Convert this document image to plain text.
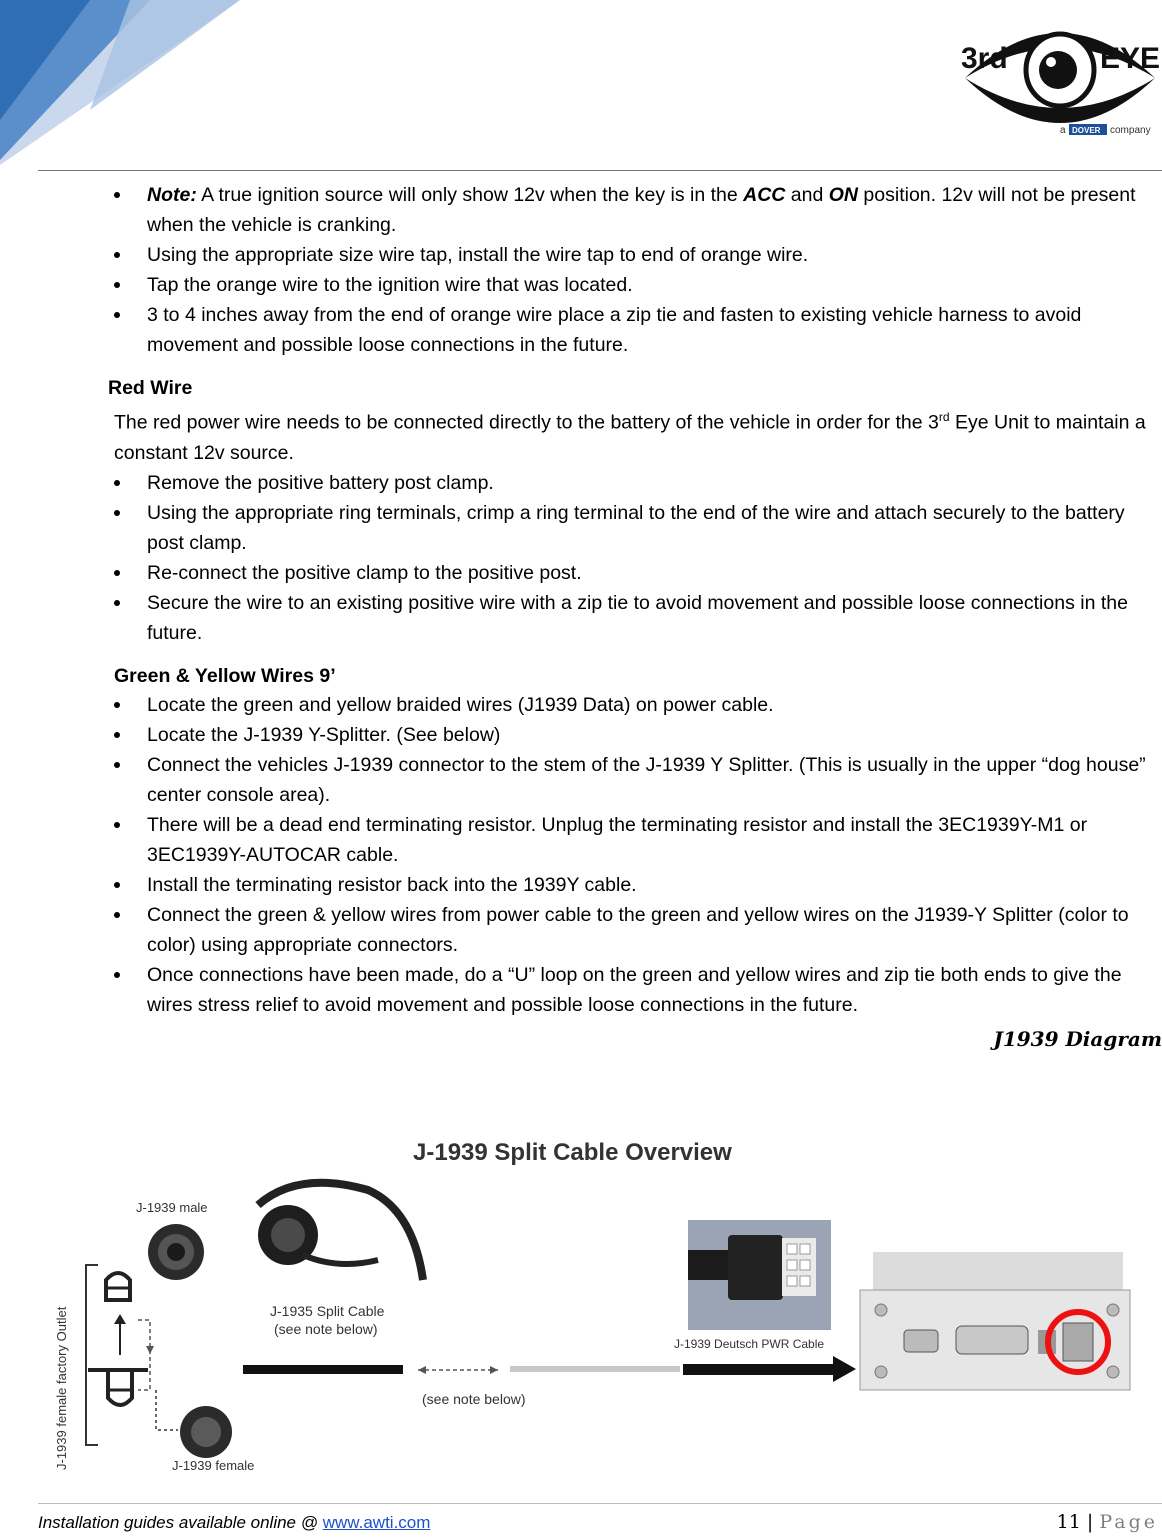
3rd	EYE
a DOVER company
Note: A true ignition source will only show 12v when the key is in the ACC and ON position. 12v will not be present when the vehicle is cranking.
Using the appropriate size wire tap, install the wire tap to end of orange wire.
Tap the orange wire to the ignition wire that was located.
3 to 4 inches away from the end of orange wire place a zip tie and fasten to existing vehicle harness to avoid movement and possible loose connections in the future.
Red Wire
The red power wire needs to be connected directly to the battery of the vehicle in order for the 3rd Eye Unit to maintain a constant 12v source.
Remove the positive battery post clamp.
Using the appropriate ring terminals, crimp a ring terminal to the end of the wire and attach securely to the battery post clamp.
Re-connect the positive clamp to the positive post.
Secure the wire to an existing positive wire with a zip tie to avoid movement and possible loose connections in the future.
Green & Yellow Wires 9’
Locate the green and yellow braided wires (J1939 Data) on power cable.
Locate the J-1939 Y-Splitter. (See below)
Connect the vehicles J-1939 connector to the stem of the J-1939 Y Splitter. (This is usually in the upper “dog house” center console area).
There will be a dead end terminating resistor. Unplug the terminating resistor and install the 3EC1939Y-M1 or 3EC1939Y-AUTOCAR cable.
Install the terminating resistor back into the 1939Y cable.
Connect the green & yellow wires from power cable to the green and yellow wires on the J1939-Y Splitter (color to color) using appropriate connectors.
Once connections have been made, do a “U” loop on the green and yellow wires and zip tie both ends to give the wires stress relief to avoid movement and possible loose connections in the future.
J1939 Diagram
J-1939 Split Cable Overview
J-1939 female factory Outlet
J-1939 male
J-1939 female
J-1935 Split Cable
(see note below)
(see note below)
J-1939 Deutsch PWR Cable
Installation guides available online @ www.awti.com	11 | Page
